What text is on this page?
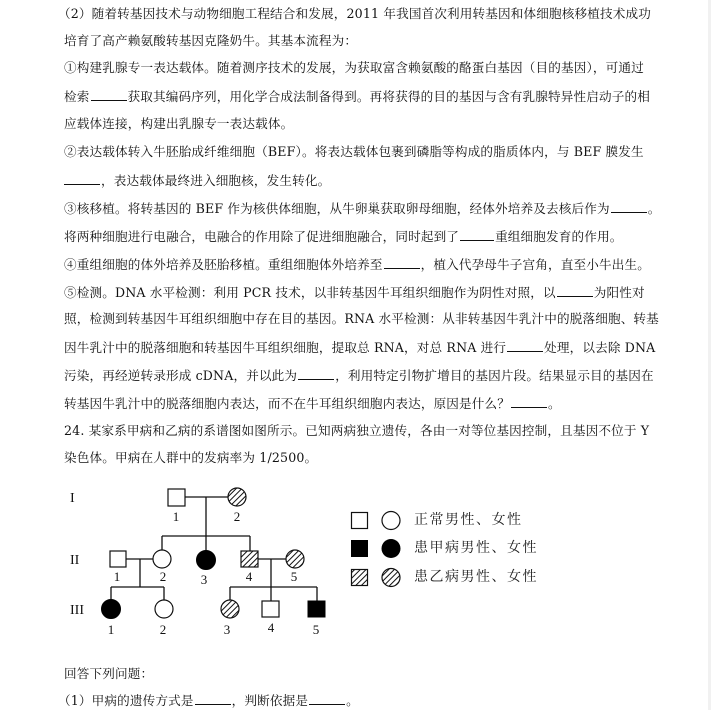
（2）随着转基因技术与动物细胞工程结合和发展，2011 年我国首次利用转基因和体细胞核移植技术成功
培育了高产赖氨酸转基因克隆奶牛。其基本流程为：
①构建乳腺专一表达载体。随着测序技术的发展，为获取富含赖氨酸的酪蛋白基因（目的基因），可通过
检索	获取其编码序列，用化学合成法制备得到。再将获得的目的基因与含有乳腺特异性启动子的相
应载体连接，构建出乳腺专一表达载体。
②表达载体转入牛胚胎成纤维细胞（BEF）。将表达载体包裹到磷脂等构成的脂质体内，与 BEF 膜发生
，表达载体最终进入细胞核，发生转化。
③核移植。将转基因的 BEF 作为核供体细胞，从牛卵巢获取卵母细胞，经体外培养及去核后作为	。
将两种细胞进行电融合，电融合的作用除了促进细胞融合，同时起到了	重组细胞发育的作用。
④重组细胞的体外培养及胚胎移植。重组细胞体外培养至	，植入代孕母牛子宫角，直至小牛出生。
⑤检测。DNA 水平检测：利用 PCR 技术，以非转基因牛耳组织细胞作为阴性对照，以	为阳性对
照，检测到转基因牛耳组织细胞中存在目的基因。RNA 水平检测：从非转基因牛乳汁中的脱落细胞、转基
因牛乳汁中的脱落细胞和转基因牛耳组织细胞，提取总 RNA，对总 RNA 进行	处理，以去除 DNA
污染，再经逆转录形成 cDNA，并以此为	，利用特定引物扩增目的基因片段。结果显示目的基因在
转基因牛乳汁中的脱落细胞内表达，而不在牛耳组织细胞内表达，原因是什么？	。
24. 某家系甲病和乙病的系谱图如图所示。已知两病独立遗传，各由一对等位基因控制，且基因不位于 Y
染色体。甲病在人群中的发病率为 1/2500。
I
II
III
1	2
1	2	3	4	5
1	2	3	4	5
正常男性、女性
患甲病男性、女性
患乙病男性、女性
回答下列问题：
（1）甲病的遗传方式是	，判断依据是	。
